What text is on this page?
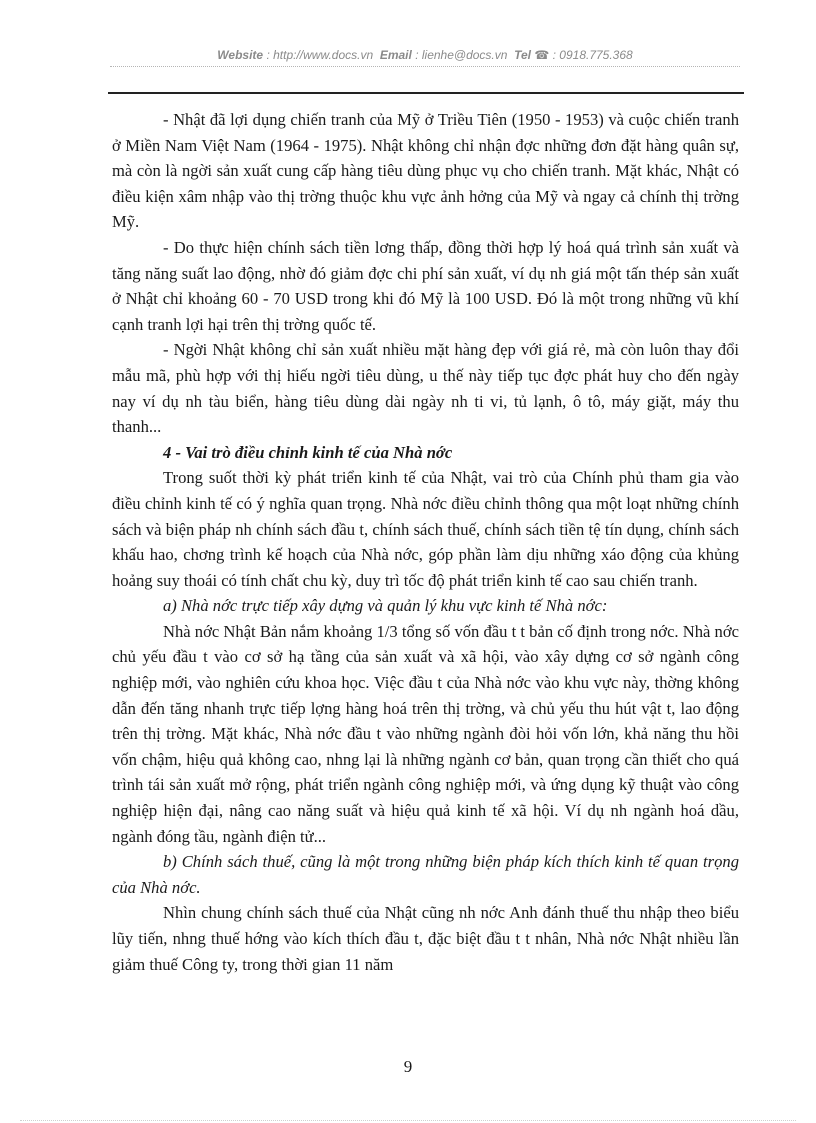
Website : http://www.docs.vn Email : lienhe@docs.vn Tel ☎ : 0918.775.368

- Nhật đã lợi dụng chiến tranh của Mỹ ở Triều Tiên (1950 - 1953) và cuộc chiến tranh ở Miền Nam Việt Nam (1964 - 1975). Nhật không chỉ nhận đợc những đơn đặt hàng quân sự, mà còn là ngời sản xuất cung cấp hàng tiêu dùng phục vụ cho chiến tranh. Mặt khác, Nhật có điều kiện xâm nhập vào thị trờng thuộc khu vực ảnh hởng của Mỹ và ngay cả chính thị trờng Mỹ.

- Do thực hiện chính sách tiền lơng thấp, đồng thời hợp lý hoá quá trình sản xuất và tăng năng suất lao động, nhờ đó giảm đợc chi phí sản xuất, ví dụ nh giá một tấn thép sản xuất ở Nhật chỉ khoảng 60 - 70 USD trong khi đó Mỹ là 100 USD. Đó là một trong những vũ khí cạnh tranh lợi hại trên thị trờng quốc tế.

- Ngời Nhật không chỉ sản xuất nhiều mặt hàng đẹp với giá rẻ, mà còn luôn thay đổi mẫu mã, phù hợp với thị hiếu ngời tiêu dùng, u thế này tiếp tục đợc phát huy cho đến ngày nay ví dụ nh tàu biển, hàng tiêu dùng dài ngày nh ti vi, tủ lạnh, ô tô, máy giặt, máy thu thanh...

4 - Vai trò điều chỉnh kinh tế của Nhà nớc

Trong suốt thời kỳ phát triển kinh tế của Nhật, vai trò của Chính phủ tham gia vào điều chỉnh kinh tế có ý nghĩa quan trọng. Nhà nớc điều chỉnh thông qua một loạt những chính sách và biện pháp nh chính sách đầu t, chính sách thuế, chính sách tiền tệ tín dụng, chính sách khấu hao, chơng trình kế hoạch của Nhà nớc, góp phần làm dịu những xáo động của khủng hoảng suy thoái có tính chất chu kỳ, duy trì tốc độ phát triển kinh tế cao sau chiến tranh.

a) Nhà nớc trực tiếp xây dựng và quản lý khu vực kinh tế Nhà nớc:

Nhà nớc Nhật Bản nắm khoảng 1/3 tổng số vốn đầu t t bản cố định trong nớc. Nhà nớc chủ yếu đầu t vào cơ sở hạ tầng của sản xuất và xã hội, vào xây dựng cơ sở ngành công nghiệp mới, vào nghiên cứu khoa học. Việc đầu t của Nhà nớc vào khu vực này, thờng không dẫn đến tăng nhanh trực tiếp lợng hàng hoá trên thị trờng, và chủ yếu thu hút vật t, lao động trên thị trờng. Mặt khác, Nhà nớc đầu t vào những ngành đòi hỏi vốn lớn, khả năng thu hồi vốn chậm, hiệu quả không cao, nhng lại là những ngành cơ bản, quan trọng cần thiết cho quá trình tái sản xuất mở rộng, phát triển ngành công nghiệp mới, và ứng dụng kỹ thuật vào công nghiệp hiện đại, nâng cao năng suất và hiệu quả kinh tế xã hội. Ví dụ nh ngành hoá dầu, ngành đóng tầu, ngành điện tử...

b) Chính sách thuế, cũng là một trong những biện pháp kích thích kinh tế quan trọng của Nhà nớc.

Nhìn chung chính sách thuế của Nhật cũng nh nớc Anh đánh thuế thu nhập theo biểu lũy tiến, nhng thuế hớng vào kích thích đầu t, đặc biệt đầu t t nhân, Nhà nớc Nhật nhiều lần giảm thuế Công ty, trong thời gian 11 năm

9
